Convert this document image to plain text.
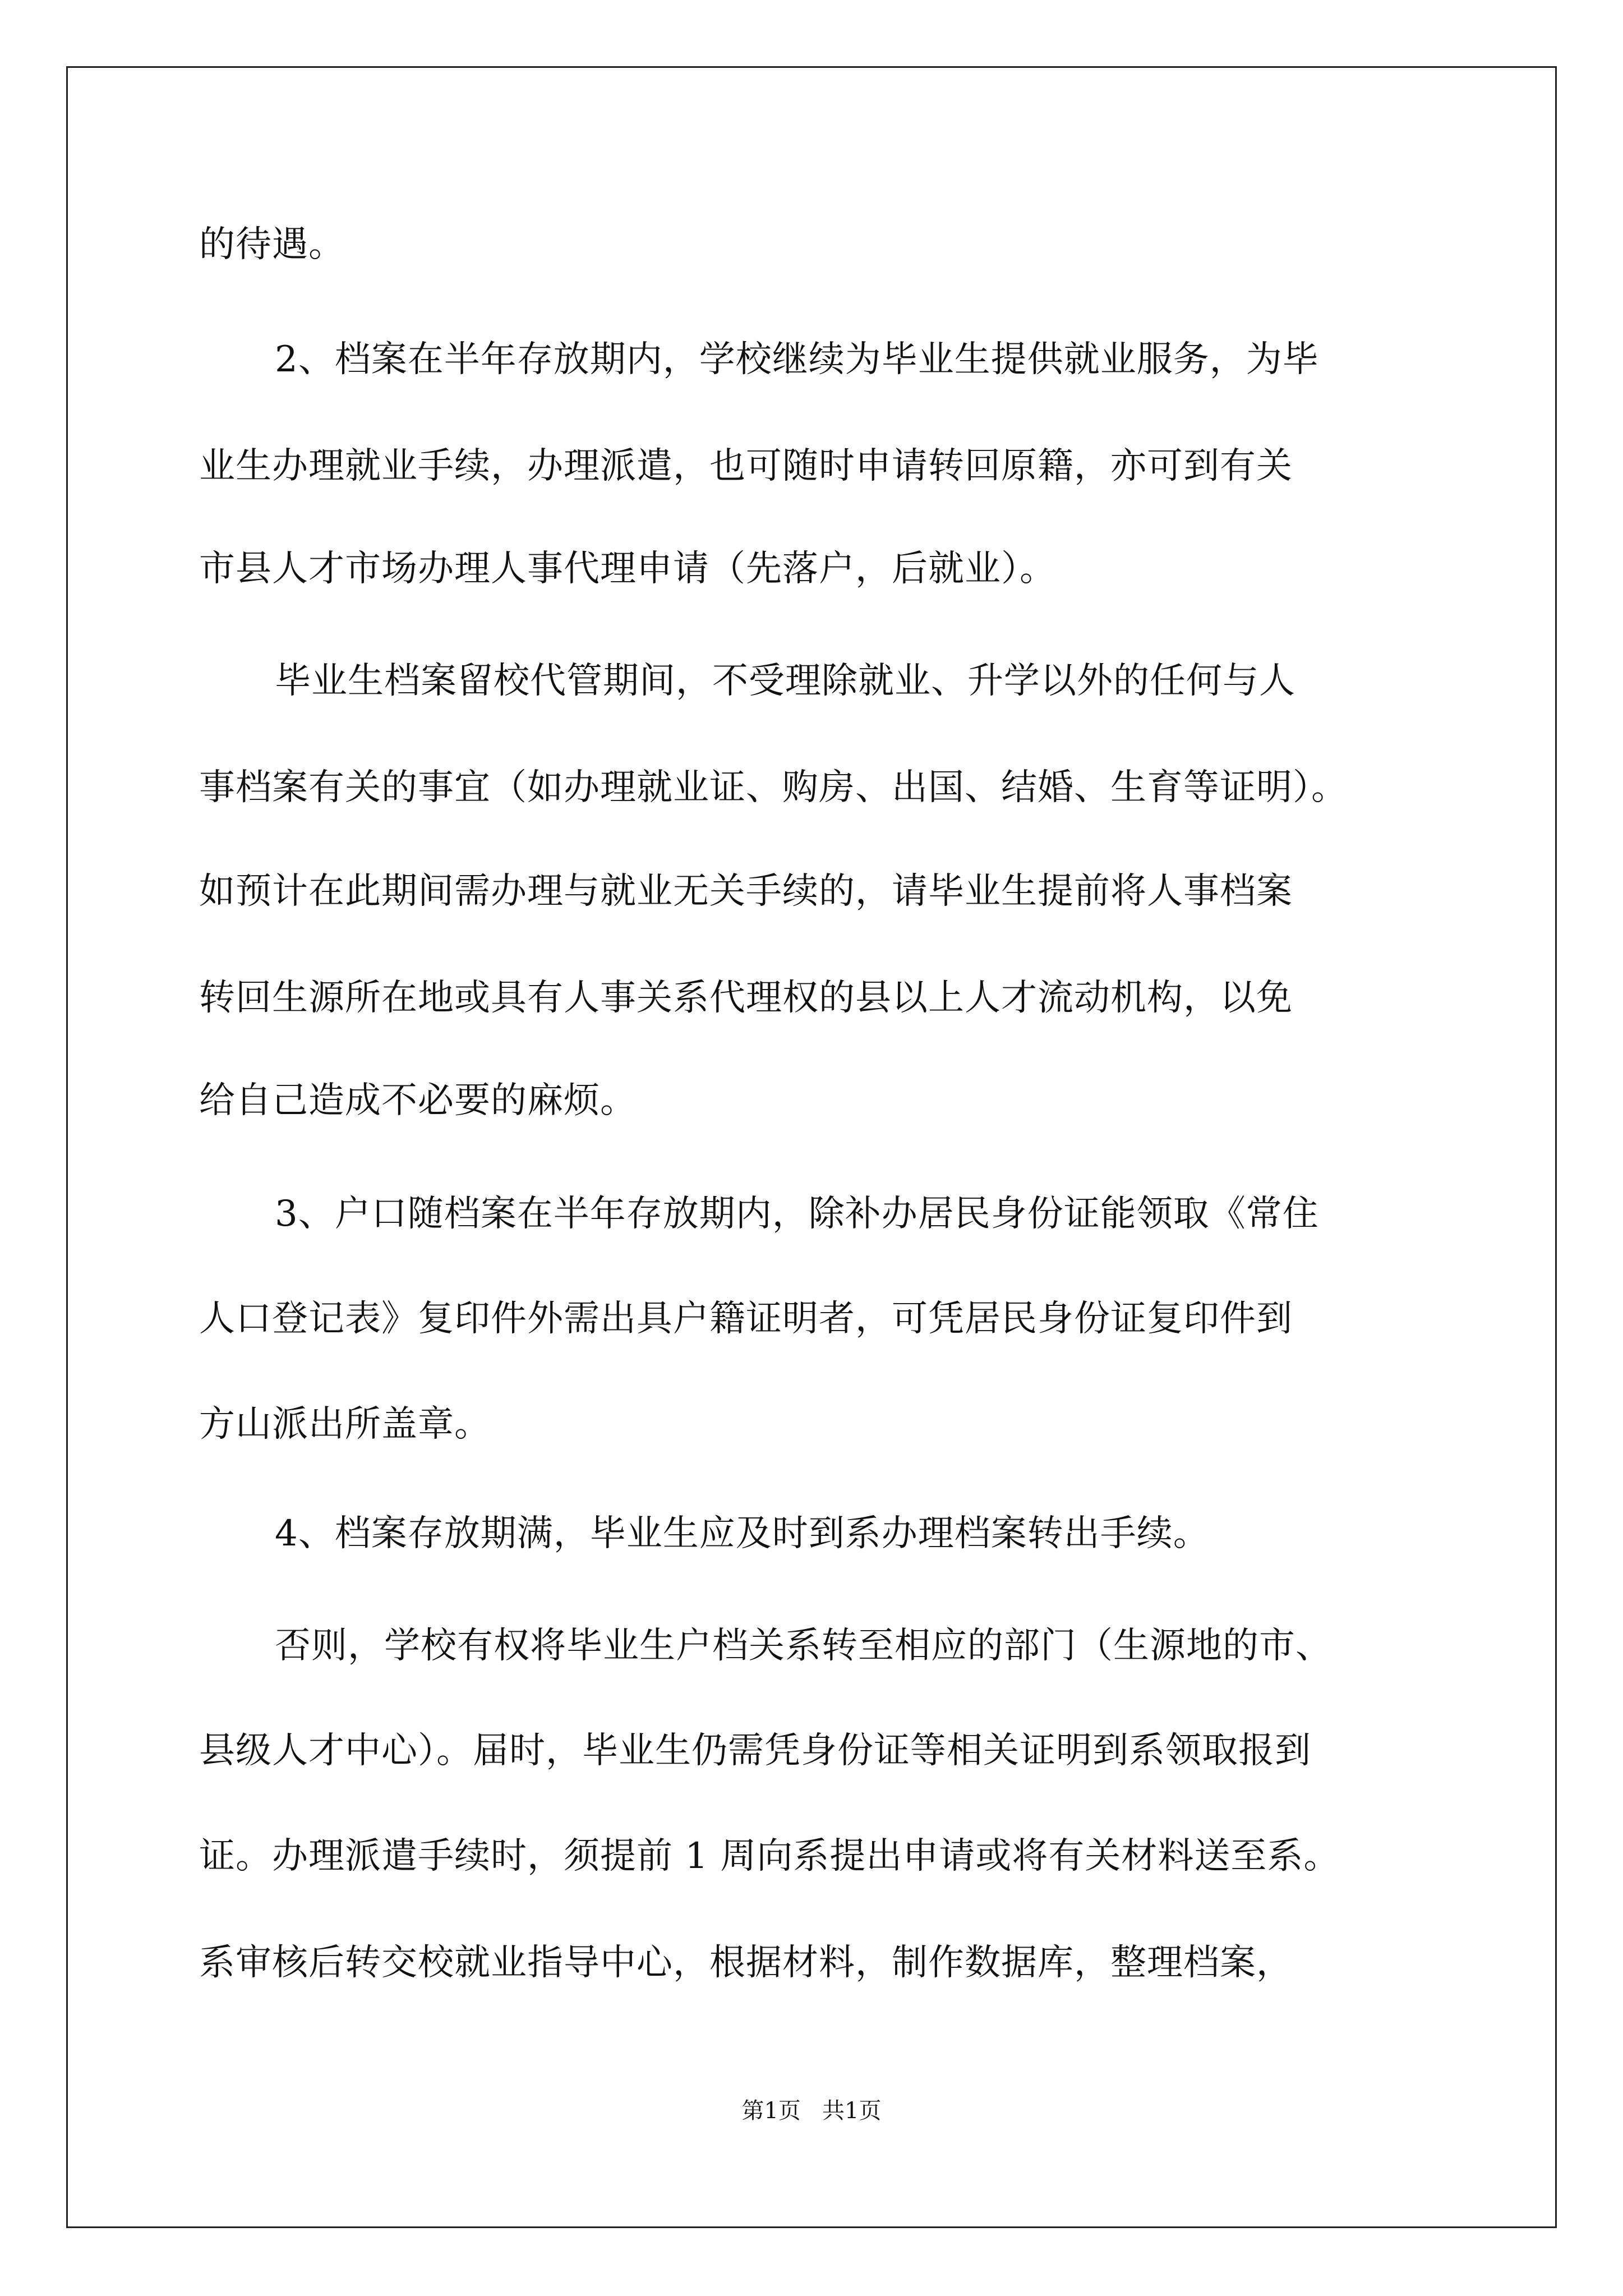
的待遇。
2、档案在半年存放期内，学校继续为毕业生提供就业服务，为毕
业生办理就业手续，办理派遣，也可随时申请转回原籍，亦可到有关
市县人才市场办理人事代理申请（先落户，后就业）。
毕业生档案留校代管期间，不受理除就业、升学以外的任何与人
事档案有关的事宜（如办理就业证、购房、出国、结婚、生育等证明）。
如预计在此期间需办理与就业无关手续的，请毕业生提前将人事档案
转回生源所在地或具有人事关系代理权的县以上人才流动机构，以免
给自己造成不必要的麻烦。
3、户口随档案在半年存放期内，除补办居民身份证能领取《常住
人口登记表》复印件外需出具户籍证明者，可凭居民身份证复印件到
方山派出所盖章。
4、档案存放期满，毕业生应及时到系办理档案转出手续。
否则，学校有权将毕业生户档关系转至相应的部门（生源地的市、
县级人才中心）。届时，毕业生仍需凭身份证等相关证明到系领取报到
证。办理派遣手续时，须提前 1 周向系提出申请或将有关材料送至系。
系审核后转交校就业指导中心，根据材料，制作数据库，整理档案，
第1页   共1页
